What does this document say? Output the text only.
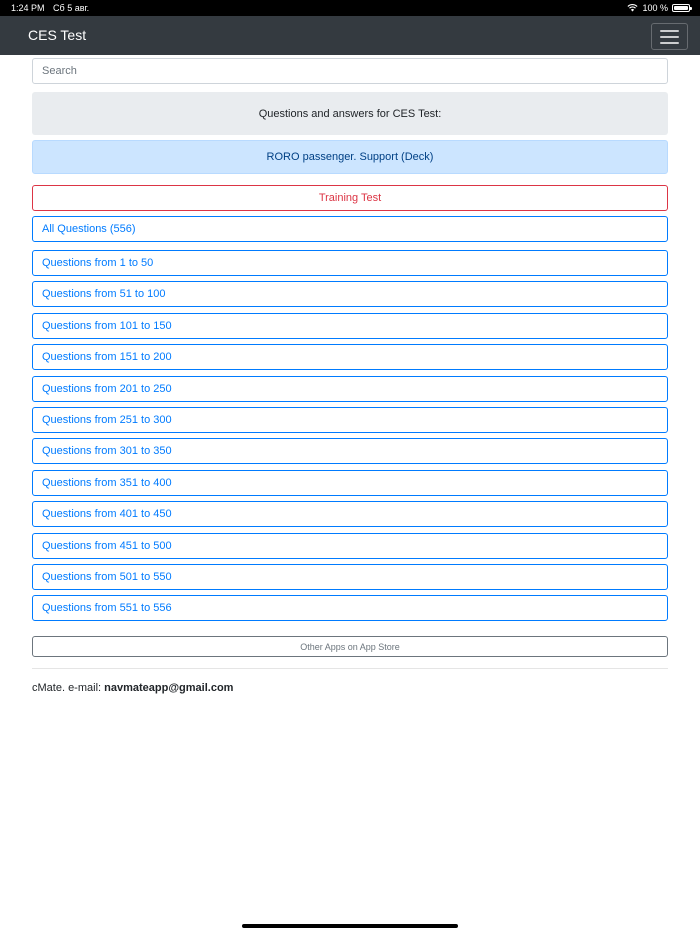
1:24 PM Сб 5 авг.	100 %
CES Test
Search
Questions and answers for CES Test:
RORO passenger. Support (Deck)
Training Test
All Questions (556)
Questions from 1 to 50
Questions from 51 to 100
Questions from 101 to 150
Questions from 151 to 200
Questions from 201 to 250
Questions from 251 to 300
Questions from 301 to 350
Questions from 351 to 400
Questions from 401 to 450
Questions from 451 to 500
Questions from 501 to 550
Questions from 551 to 556
Other Apps on App Store
cMate. e-mail: navmateapp@gmail.com
